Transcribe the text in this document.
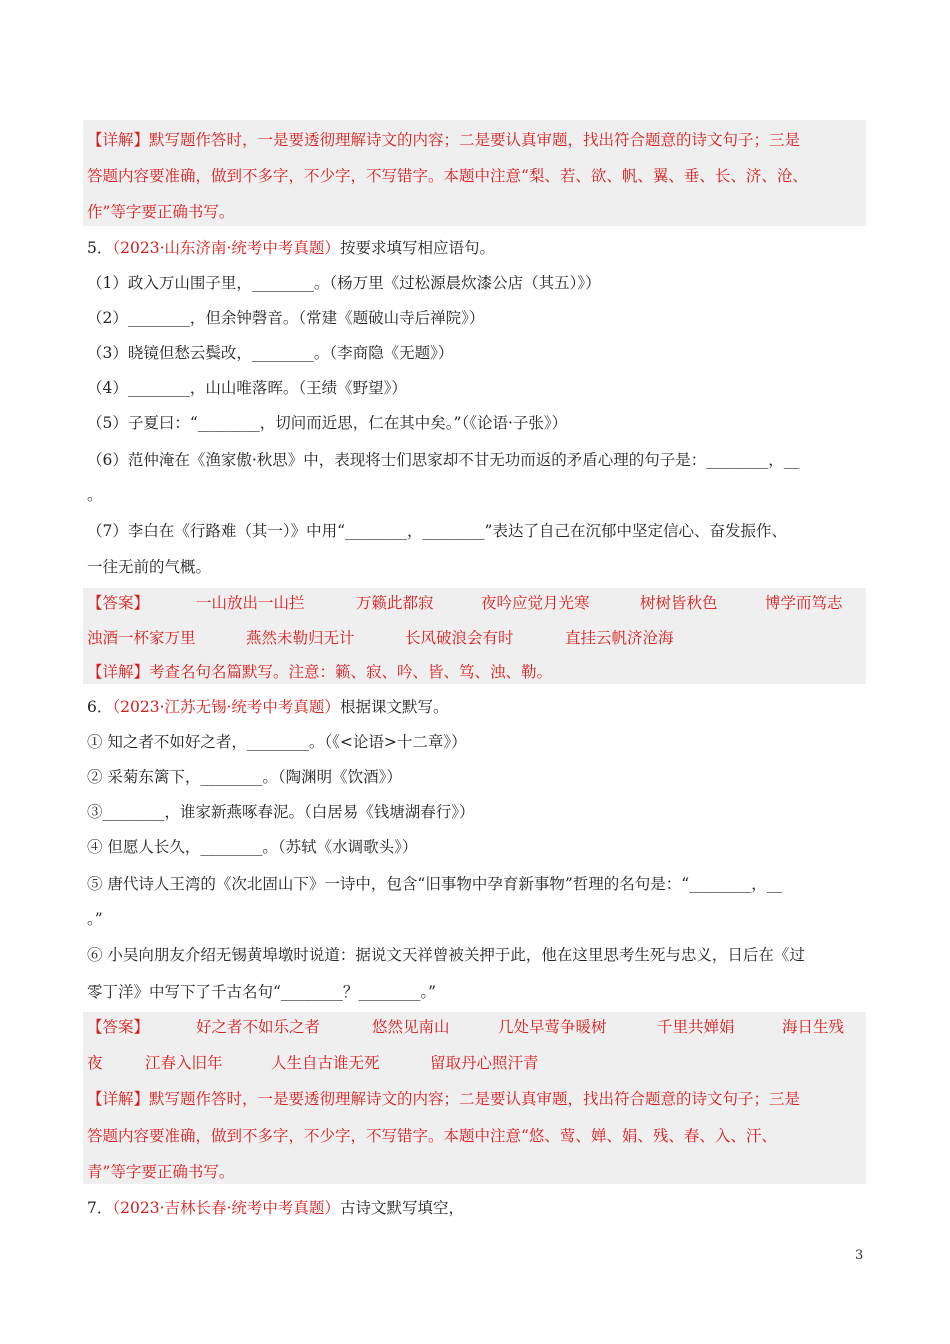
【详解】默写题作答时，一是要透彻理解诗文的内容；二是要认真审题，找出符合题意的诗文句子；三是
答题内容要准确，做到不多字，不少字，不写错字。本题中注意“梨、若、欲、帆、翼、垂、长、济、沧、
作”等字要正确书写。
5．（2023·山东济南·统考中考真题）按要求填写相应语句。
（1）政入万山围子里，________。（杨万里《过松源晨炊漆公店（其五）》）
（2）________，但余钟磬音。（常建《题破山寺后禅院》）
（3）晓镜但愁云鬓改，________。（李商隐《无题》）
（4）________，山山唯落晖。（王绩《野望》）
（5）子夏曰：“________，切问而近思，仁在其中矣。”（《论语·子张》）
（6）范仲淹在《渔家傲·秋思》中，表现将士们思家却不甘无功而返的矛盾心理的句子是：________，__
。
（7）李白在《行路难（其一）》中用“________，________”表达了自己在沉郁中坚定信心、奋发振作、
一往无前的气概。
【答案】	一山放出一山拦	万籁此都寂	夜吟应觉月光寒	树树皆秋色	博学而笃志
浊酒一杯家万里	燕然未勒归无计	长风破浪会有时	直挂云帆济沧海
【详解】考查名句名篇默写。注意：籁、寂、吟、皆、笃、浊、勒。
6．（2023·江苏无锡·统考中考真题）根据课文默写。
① 知之者不如好之者，________。（《<论语>十二章》）
② 采菊东篱下，________。（陶渊明《饮酒》）
③________，谁家新燕啄春泥。（白居易《钱塘湖春行》）
④ 但愿人长久，________。（苏轼《水调歌头》）
⑤ 唐代诗人王湾的《次北固山下》一诗中，包含“旧事物中孕育新事物”哲理的名句是：“________，__
。”
⑥ 小吴向朋友介绍无锡黄埠墩时说道：据说文天祥曾被关押于此，他在这里思考生死与忠义，日后在《过
零丁洋》中写下了千古名句“________？________。”
【答案】	好之者不如乐之者	悠然见南山	几处早莺争暖树	千里共婵娟	海日生残
夜	江春入旧年	人生自古谁无死	留取丹心照汗青
【详解】默写题作答时，一是要透彻理解诗文的内容；二是要认真审题，找出符合题意的诗文句子；三是
答题内容要准确，做到不多字，不少字，不写错字。本题中注意“悠、莺、婵、娟、残、春、入、汗、
青”等字要正确书写。
7．（2023·吉林长春·统考中考真题）古诗文默写填空，
3
